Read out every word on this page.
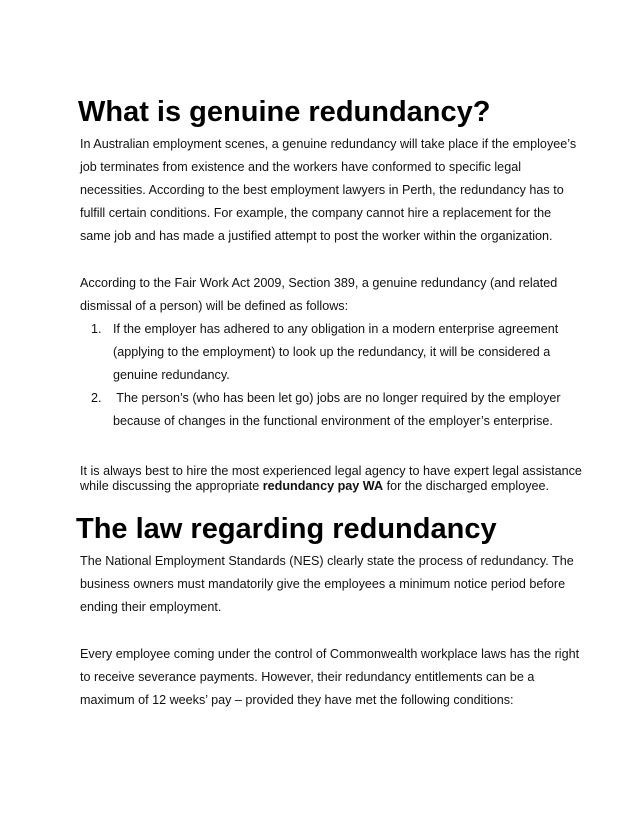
What is genuine redundancy?
In Australian employment scenes, a genuine redundancy will take place if the employee’s
job terminates from existence and the workers have conformed to specific legal
necessities. According to the best employment lawyers in Perth, the redundancy has to
fulfill certain conditions. For example, the company cannot hire a replacement for the
same job and has made a justified attempt to post the worker within the organization.
According to the Fair Work Act 2009, Section 389, a genuine redundancy (and related
dismissal of a person) will be defined as follows:
1. If the employer has adhered to any obligation in a modern enterprise agreement
(applying to the employment) to look up the redundancy, it will be considered a
genuine redundancy.
2. The person’s (who has been let go) jobs are no longer required by the employer
because of changes in the functional environment of the employer’s enterprise.
It is always best to hire the most experienced legal agency to have expert legal assistance
while discussing the appropriate redundancy pay WA for the discharged employee.
The law regarding redundancy
The National Employment Standards (NES) clearly state the process of redundancy. The
business owners must mandatorily give the employees a minimum notice period before
ending their employment.
Every employee coming under the control of Commonwealth workplace laws has the right
to receive severance payments. However, their redundancy entitlements can be a
maximum of 12 weeks’ pay – provided they have met the following conditions:
